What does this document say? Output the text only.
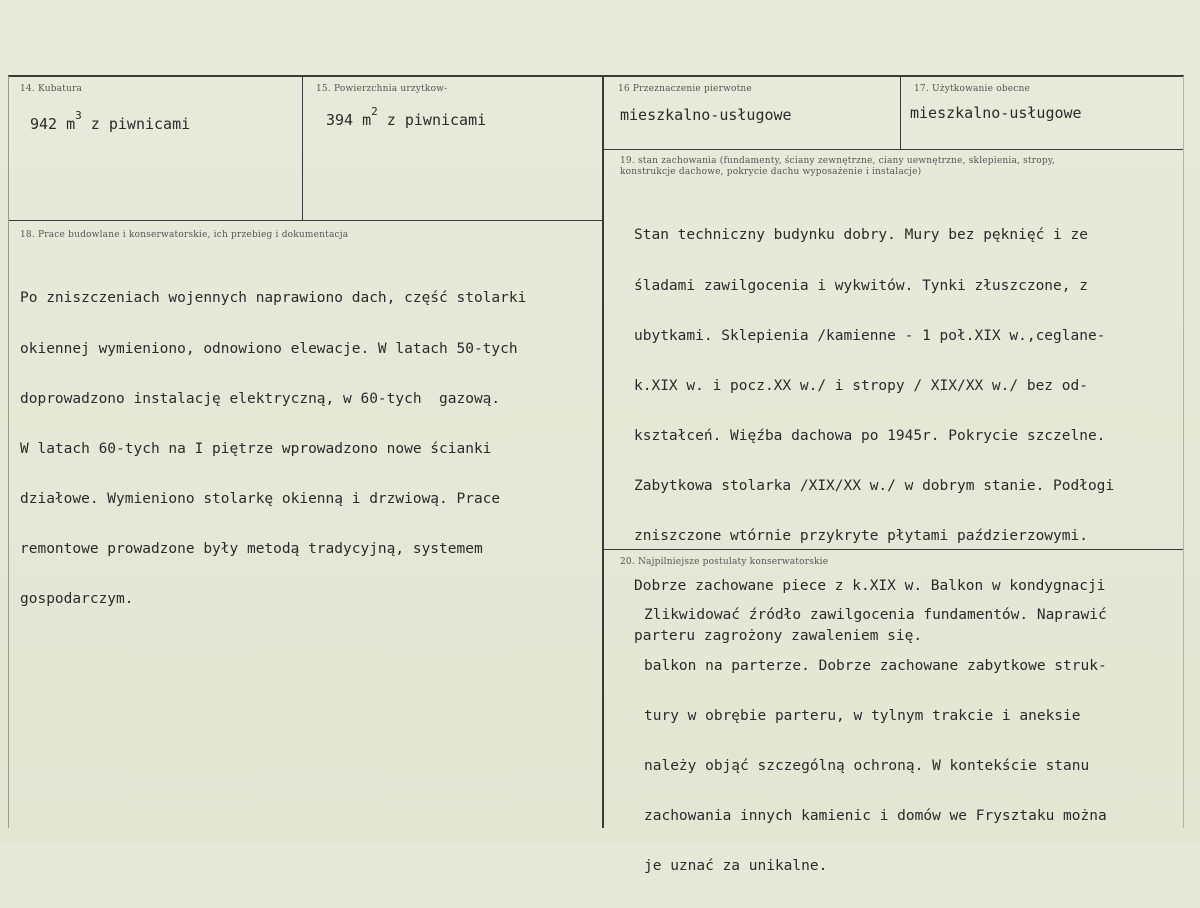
14. Kubatura
942 $m^3$ z piwnicami
15. Powierzchnia urzytkow-
394 $m^2$ z piwnicami
16 Przeznaczenie pierwotne
mieszkalno-usługowe
17. Użytkowanie obecne
mieszkalno-usługowe
18. Prace budowlane i konserwatorskie, ich przebieg i dokumentacja

Po zniszczeniach wojennych naprawiono dach, część stolarki

okiennej wymieniono, odnowiono elewacje. W latach 50-tych

doprowadzono instalację elektryczną, w 60-tych  gazową.

W latach 60-tych na I piętrze wprowadzono nowe ścianki

działowe. Wymieniono stolarkę okienną i drzwiową. Prace

remontowe prowadzone były metodą tradycyjną, systemem

gospodarczym.

19. stan zachowania (fundamenty, ściany zewnętrzne, ciany uewnętrzne, sklepienia, stropy,
konstrukcje dachowe, pokrycie dachu wyposażenie i instalacje)

Stan techniczny budynku dobry. Mury bez pęknięć i ze

śladami zawilgocenia i wykwitów. Tynki złuszczone, z

ubytkami. Sklepienia /kamienne - 1 poł.XIX w.,ceglane-

k.XIX w. i pocz.XX w./ i stropy / XIX/XX w./ bez od-

kształceń. Więźba dachowa po 1945r. Pokrycie szczelne.

Zabytkowa stolarka /XIX/XX w./ w dobrym stanie. Podłogi

zniszczone wtórnie przykryte płytami paździerzowymi.

Dobrze zachowane piece z k.XIX w. Balkon w kondygnacji

parteru zagrożony zawaleniem się.

20. Najpilniejsze postulaty konserwatorskie

Zlikwidować źródło zawilgocenia fundamentów. Naprawić

balkon na parterze. Dobrze zachowane zabytkowe struk-

tury w obrębie parteru, w tylnym trakcie i aneksie

należy objąć szczególną ochroną. W kontekście stanu

zachowania innych kamienic i domów we Frysztaku można

je uznać za unikalne.
